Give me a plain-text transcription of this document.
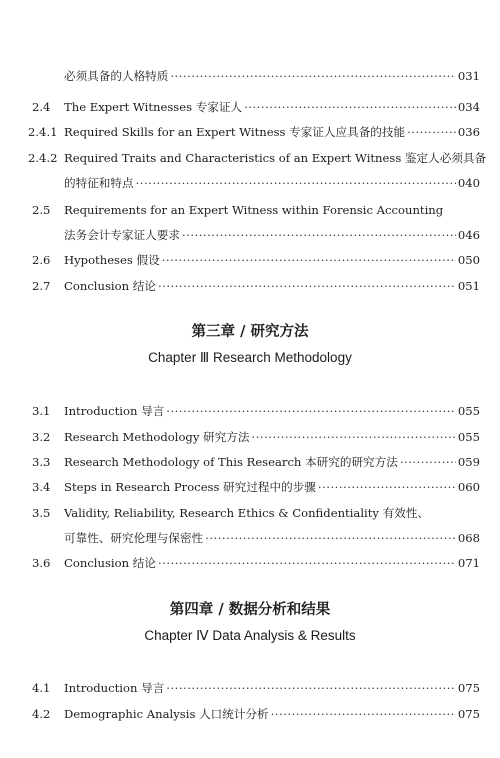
必须具备的人格特质 ·····	031
2.4	The Expert Witnesses 专家证人 ·····	034
2.4.1 Required Skills for an Expert Witness 专家证人应具备的技能 ·····	036
2.4.2 Required Traits and Characteristics of an Expert Witness 鉴定人必须具备
的特征和特点 ·····	040
2.5	Requirements for an Expert Witness within Forensic Accounting
法务会计专家证人要求 ·····	046
2.6	Hypotheses 假设 ·····	050
2.7	Conclusion 结论 ·····	051
第三章 / 研究方法
Chapter Ⅲ Research Methodology
3.1	Introduction 导言 ·····	055
3.2	Research Methodology 研究方法 ·····	055
3.3	Research Methodology of This Research 本研究的研究方法 ·····	059
3.4	Steps in Research Process 研究过程中的步骤 ·····	060
3.5	Validity, Reliability, Research Ethics & Confidentiality 有效性、
可靠性、研究伦理与保密性 ·····	068
3.6	Conclusion 结论 ·····	071
第四章 / 数据分析和结果
Chapter Ⅳ Data Analysis & Results
4.1	Introduction 导言 ·····	075
4.2	Demographic Analysis 人口统计分析 ·····	075
